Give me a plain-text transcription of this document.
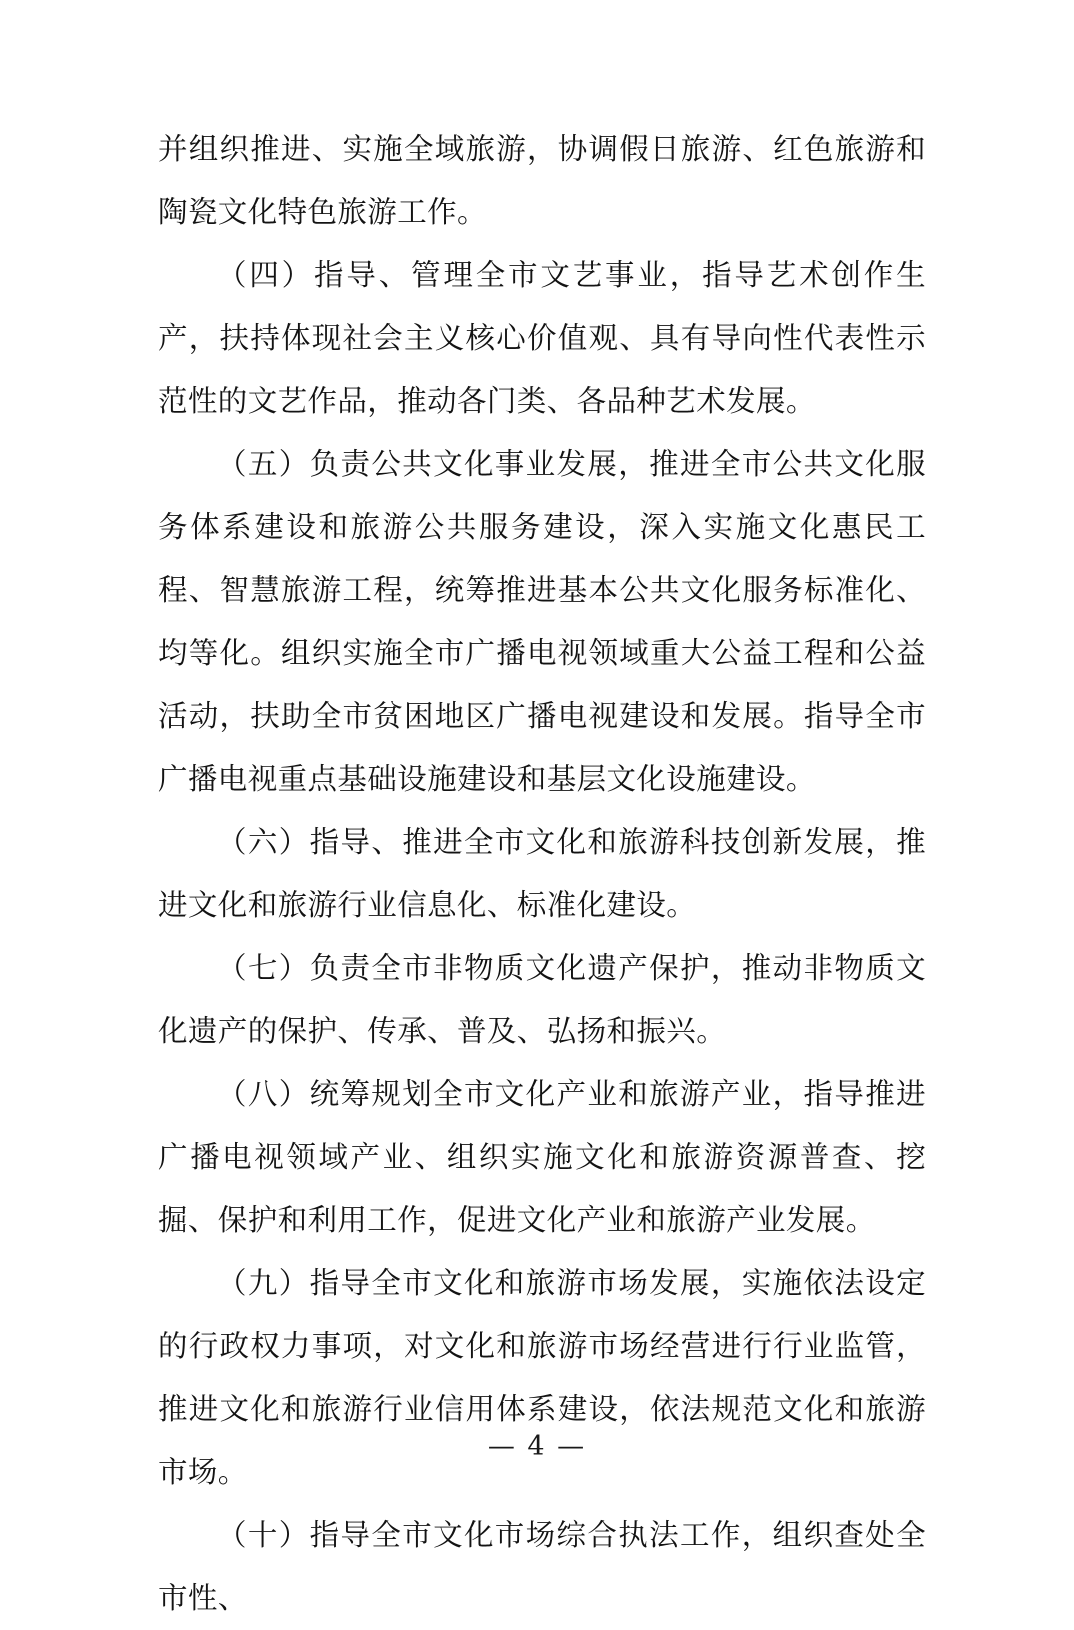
并组织推进、实施全域旅游，协调假日旅游、红色旅游和陶瓷文化特色旅游工作。

（四）指导、管理全市文艺事业，指导艺术创作生产，扶持体现社会主义核心价值观、具有导向性代表性示范性的文艺作品，推动各门类、各品种艺术发展。

（五）负责公共文化事业发展，推进全市公共文化服务体系建设和旅游公共服务建设，深入实施文化惠民工程、智慧旅游工程，统筹推进基本公共文化服务标准化、均等化。组织实施全市广播电视领域重大公益工程和公益活动，扶助全市贫困地区广播电视建设和发展。指导全市广播电视重点基础设施建设和基层文化设施建设。

（六）指导、推进全市文化和旅游科技创新发展，推进文化和旅游行业信息化、标准化建设。

（七）负责全市非物质文化遗产保护，推动非物质文化遗产的保护、传承、普及、弘扬和振兴。

（八）统筹规划全市文化产业和旅游产业，指导推进广播电视领域产业、组织实施文化和旅游资源普查、挖掘、保护和利用工作，促进文化产业和旅游产业发展。

（九）指导全市文化和旅游市场发展，实施依法设定的行政权力事项，对文化和旅游市场经营进行行业监管，推进文化和旅游行业信用体系建设，依法规范文化和旅游市场。

（十）指导全市文化市场综合执法工作，组织查处全市性、

— 4 —
